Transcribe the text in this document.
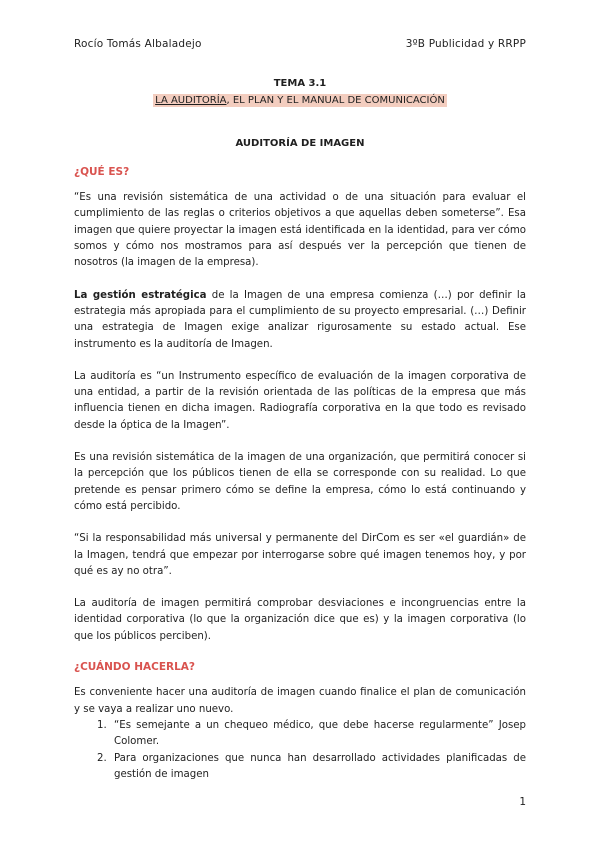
Rocío Tomás Albaladejo	3ºB Publicidad y RRPP
TEMA 3.1
LA AUDITORÍA, EL PLAN Y EL MANUAL DE COMUNICACIÓN
AUDITORÍA DE IMAGEN
¿QUÉ ES?

“Es una revisión sistemática de una actividad o de una situación para evaluar el cumplimiento de las reglas o criterios objetivos a que aquellas deben someterse”. Esa imagen que quiere proyectar la imagen está identificada en la identidad, para ver cómo somos y cómo nos mostramos para así después ver la percepción que tienen de nosotros (la imagen de la empresa).

La gestión estratégica de la Imagen de una empresa comienza (…) por definir la estrategia más apropiada para el cumplimiento de su proyecto empresarial. (…) Definir una estrategia de Imagen exige analizar rigurosamente su estado actual. Ese instrumento es la auditoría de Imagen.

La auditoría es “un Instrumento específico de evaluación de la imagen corporativa de una entidad, a partir de la revisión orientada de las políticas de la empresa que más influencia tienen en dicha imagen. Radiografía corporativa en la que todo es revisado desde la óptica de la Imagen”.

Es una revisión sistemática de la imagen de una organización, que permitirá conocer si la percepción que los públicos tienen de ella se corresponde con su realidad. Lo que pretende es pensar primero cómo se define la empresa, cómo lo está continuando y cómo está percibido.

“Si la responsabilidad más universal y permanente del DirCom es ser «el guardián» de la Imagen, tendrá que empezar por interrogarse sobre qué imagen tenemos hoy, y por qué es ay no otra”.

La auditoría de imagen permitirá comprobar desviaciones e incongruencias entre la identidad corporativa (lo que la organización dice que es) y la imagen corporativa (lo que los públicos perciben).

¿CUÁNDO HACERLA?

Es conveniente hacer una auditoría de imagen cuando finalice el plan de comunicación y se vaya a realizar uno nuevo.

1. “Es semejante a un chequeo médico, que debe hacerse regularmente” Josep Colomer.
2. Para organizaciones que nunca han desarrollado actividades planificadas de gestión de imagen
1
